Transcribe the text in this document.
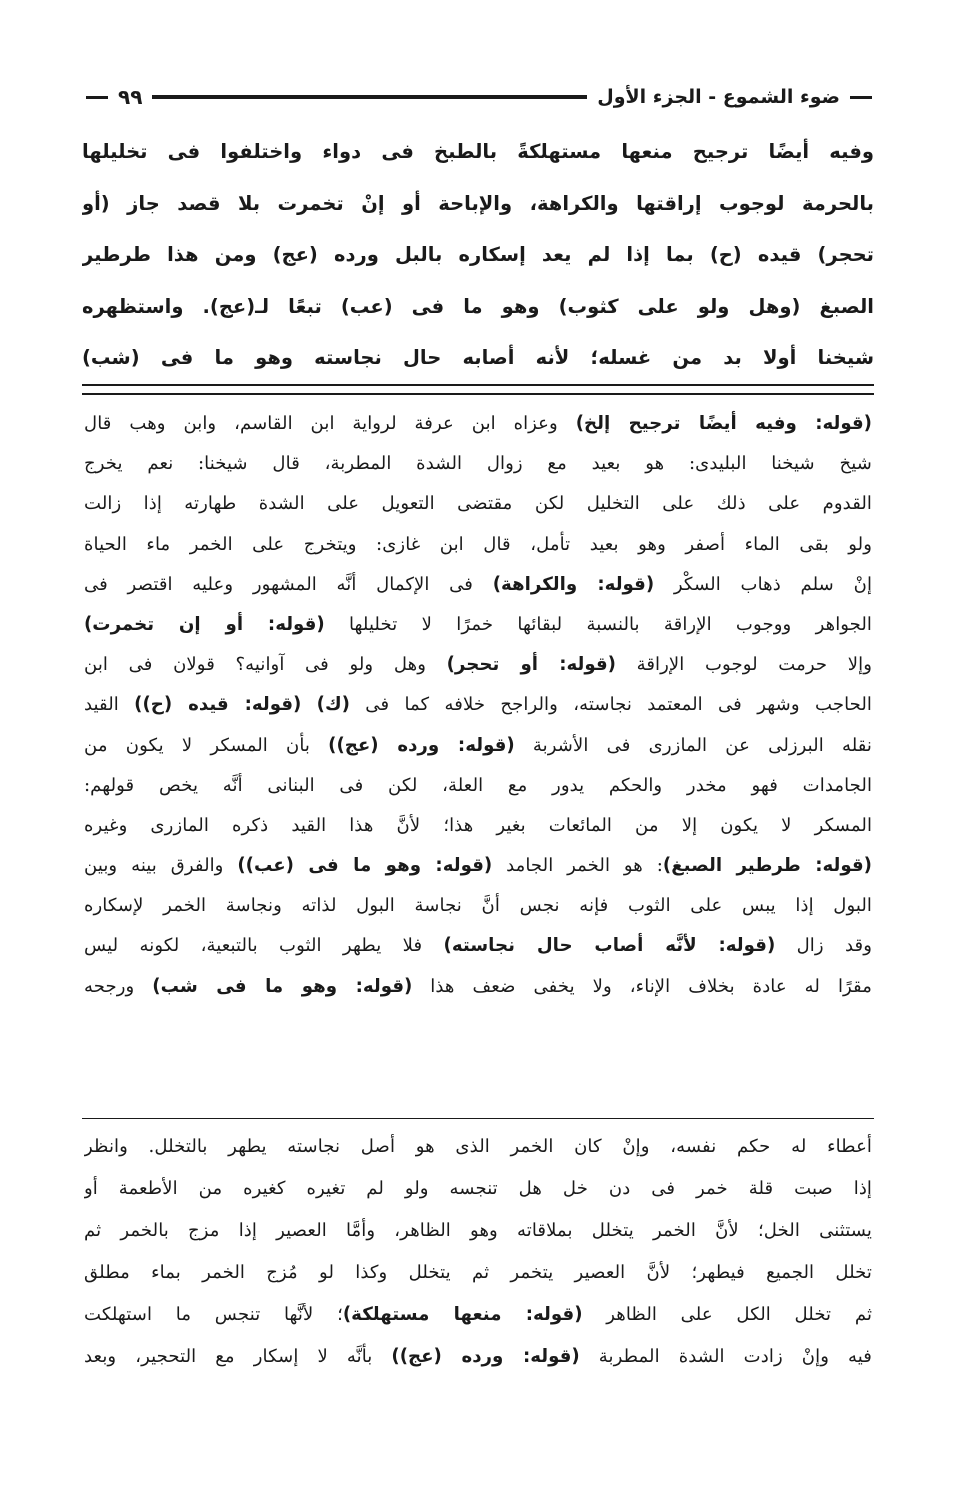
ضوء الشموع - الجزء الأول
٩٩
وفيه أيضًا ترجيح منعها مستهلكةً بالطبخ فى دواء واختلفوا فى تخليلها
بالحرمة لوجوب إراقتها والكراهة، والإباحة أو إنْ تخمرت بلا قصد جاز (أو
تحجر) قيده (ح) بما إذا لم يعد إسكاره بالبل ورده (عج) ومن هذا طرطير
الصبغ (وهل ولو على كثوب) وهو ما فى (عب) تبعًا لـ(عج). واستظهره
شيخنا أولا بد من غسله؛ لأنه أصابه حال نجاسته وهو ما فى (شب)
(قوله: وفيه أيضًا ترجيح إلخ) وعزاه ابن عرفة لرواية ابن القاسم، وابن وهب قال
شيخ شيخنا البليدى: هو بعيد مع زوال الشدة المطربة، قال شيخنا: نعم يخرج
القدوم على ذلك على التخليل لكن مقتضى التعويل على الشدة طهارته إذا زالت
ولو بقى الماء أصفر وهو بعيد تأمل، قال ابن غازى: ويتخرج على الخمر ماء الحياة
إنْ سلم ذهاب السكْر (قوله: والكراهة) فى الإكمال أنَّه المشهور وعليه اقتصر فى
الجواهر ووجوب الإراقة بالنسبة لبقائها خمرًا لا تخليلها (قوله: أو إن تخمرت)
وإلا حرمت لوجوب الإراقة (قوله: أو تحجر) وهل ولو فى آوانيه؟ قولان فى ابن
الحاجب وشهر فى المعتمد نجاسته، والراجح خلافه كما فى (ك) (قوله: قيده (ح)) القيد
نقله البرزلى عن المازرى فى الأشربة (قوله: ورده (عج)) بأن المسكر لا يكون من
الجامدات فهو مخدر والحكم يدور مع العلة، لكن فى البنانى أنَّه يخص قولهم:
المسكر لا يكون إلا من المائعات بغير هذا؛ لأنَّ هذا القيد ذكره المازرى وغيره
(قوله: طرطير الصبغ): هو الخمر الجامد (قوله: وهو ما فى (عب)) والفرق بينه وبين
البول إذا يبس على الثوب فإنه نجس أنَّ نجاسة البول لذاته ونجاسة الخمر لإسكاره
وقد زال (قوله: لأنَّه أصاب حال نجاسته) فلا يطهر الثوب بالتبعية، لكونه ليس
مقرًا له عادة بخلاف الإناء، ولا يخفى ضعف هذا (قوله: وهو ما فى شب) ورجحه
أعطاء له حكم نفسه، وإنْ كان الخمر الذى هو أصل نجاسته يطهر بالتخلل. وانظر
إذا صبت قلة خمر فى دن خل هل تنجسه ولو لم تغيره كغيره من الأطعمة أو
يستثنى الخل؛ لأنَّ الخمر يتخلل بملاقاته وهو الظاهر، وأمَّا العصير إذا مزج بالخمر ثم
تخلل الجميع فيطهر؛ لأنَّ العصير يتخمر ثم يتخلل وكذا لو مُزج الخمر بماء مطلق
ثم تخلل الكل على الظاهر (قوله: منعها مستهلكة)؛ لأنَّها تنجس ما استهلكت
فيه وإنْ زادت الشدة المطربة (قوله: ورده (عج)) بأنَّه لا إسكار مع التحجير، وبعد
